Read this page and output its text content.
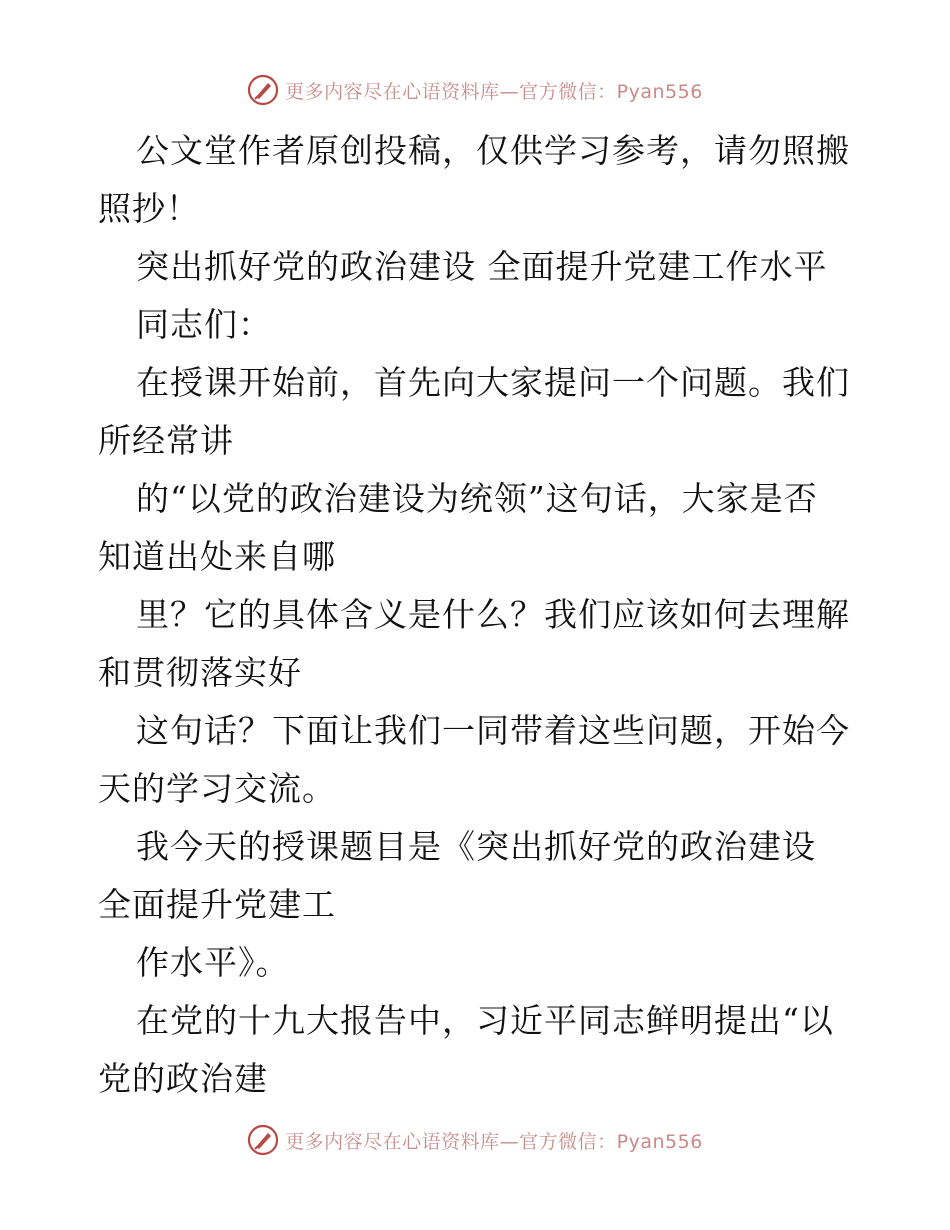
更多内容尽在心语资料库—官方微信：Pyan556
公文堂作者原创投稿，仅供学习参考，请勿照搬
照抄！
突出抓好党的政治建设 全面提升党建工作水平
同志们：
在授课开始前，首先向大家提问一个问题。我们
所经常讲
的“以党的政治建设为统领”这句话，大家是否
知道出处来自哪
里？它的具体含义是什么？我们应该如何去理解
和贯彻落实好
这句话？下面让我们一同带着这些问题，开始今
天的学习交流。
我今天的授课题目是《突出抓好党的政治建设
全面提升党建工
作水平》。
在党的十九大报告中，习近平同志鲜明提出“以
党的政治建
更多内容尽在心语资料库—官方微信：Pyan556
